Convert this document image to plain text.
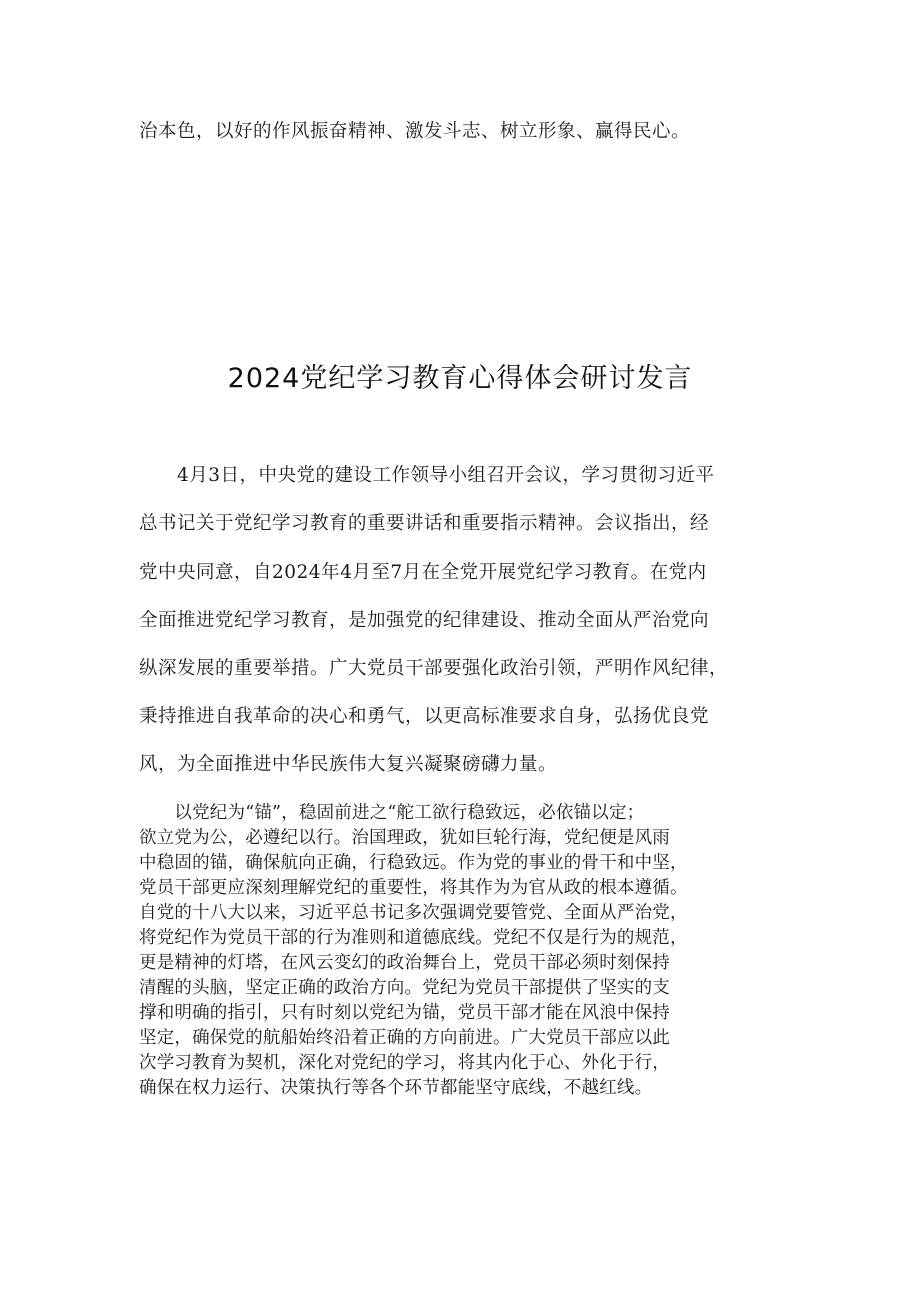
治本色，以好的作风振奋精神、激发斗志、树立形象、赢得民心。

2024党纪学习教育心得体会研讨发言

　　4月3日，中央党的建设工作领导小组召开会议，学习贯彻习近平

总书记关于党纪学习教育的重要讲话和重要指示精神。会议指出，经

党中央同意，自2024年4月至7月在全党开展党纪学习教育。在党内

全面推进党纪学习教育，是加强党的纪律建设、推动全面从严治党向

纵深发展的重要举措。广大党员干部要强化政治引领，严明作风纪律，

秉持推进自我革命的决心和勇气，以更高标准要求自身，弘扬优良党

风，为全面推进中华民族伟大复兴凝聚磅礴力量。

　　以党纪为“锚”，稳固前进之“舵工欲行稳致远，必依锚以定；

欲立党为公，必遵纪以行。治国理政，犹如巨轮行海，党纪便是风雨

中稳固的锚，确保航向正确，行稳致远。作为党的事业的骨干和中坚，

党员干部更应深刻理解党纪的重要性，将其作为为官从政的根本遵循。

自党的十八大以来，习近平总书记多次强调党要管党、全面从严治党，

将党纪作为党员干部的行为准则和道德底线。党纪不仅是行为的规范，

更是精神的灯塔，在风云变幻的政治舞台上，党员干部必须时刻保持

清醒的头脑，坚定正确的政治方向。党纪为党员干部提供了坚实的支

撑和明确的指引，只有时刻以党纪为锚，党员干部才能在风浪中保持

坚定，确保党的航船始终沿着正确的方向前进。广大党员干部应以此

次学习教育为契机，深化对党纪的学习，将其内化于心、外化于行，

确保在权力运行、决策执行等各个环节都能坚守底线，不越红线。
